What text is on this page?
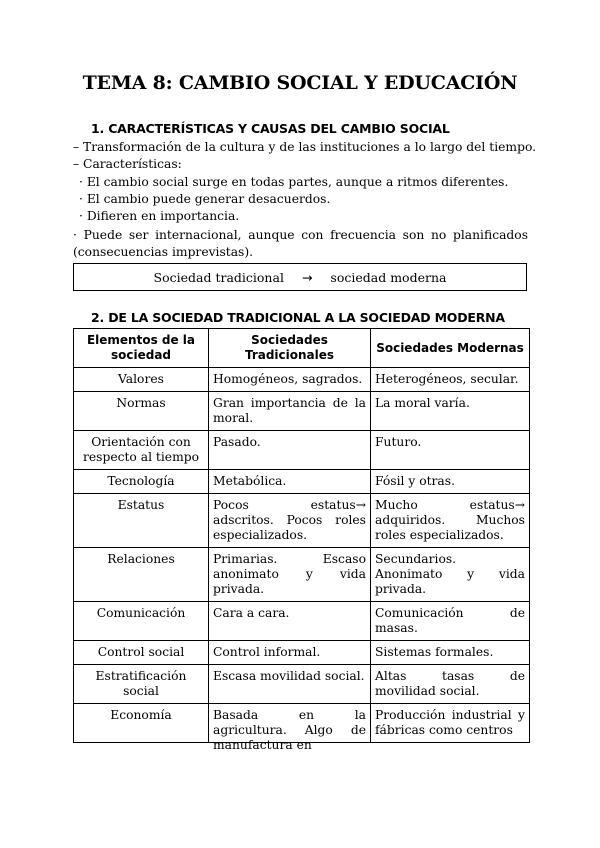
TEMA 8: CAMBIO SOCIAL Y EDUCACIÓN
1. CARACTERÍSTICAS Y CAUSAS DEL CAMBIO SOCIAL
– Transformación de la cultura y de las instituciones a lo largo del tiempo.
– Características:
· El cambio social surge en todas partes, aunque a ritmos diferentes.
· El cambio puede generar desacuerdos.
· Difieren en importancia.
· Puede ser internacional, aunque con frecuencia son no planificados (consecuencias imprevistas).
Sociedad tradicional	→	sociedad moderna
2. DE LA SOCIEDAD TRADICIONAL A LA SOCIEDAD MODERNA
Elementos de la sociedad	Sociedades Tradicionales	Sociedades Modernas
Valores	Homogéneos, sagrados.	Heterogéneos, secular.
Normas	Gran importancia de la moral.	La moral varía.
Orientación con respecto al tiempo	Pasado.	Futuro.
Tecnología	Metabólica.	Fósil y otras.
Estatus	Pocos estatus→ adscritos. Pocos roles especializados.	Mucho estatus→ adquiridos. Muchos roles especializados.
Relaciones	Primarias. Escaso anonimato y vida privada.	Secundarios. Anonimato y vida privada.
Comunicación	Cara a cara.	Comunicación de masas.
Control social	Control informal.	Sistemas formales.
Estratificación social	Escasa movilidad social.	Altas tasas de movilidad social.

Economía	Basada en la agricultura. Algo de manufactura en	Producción industrial y fábricas como centros
